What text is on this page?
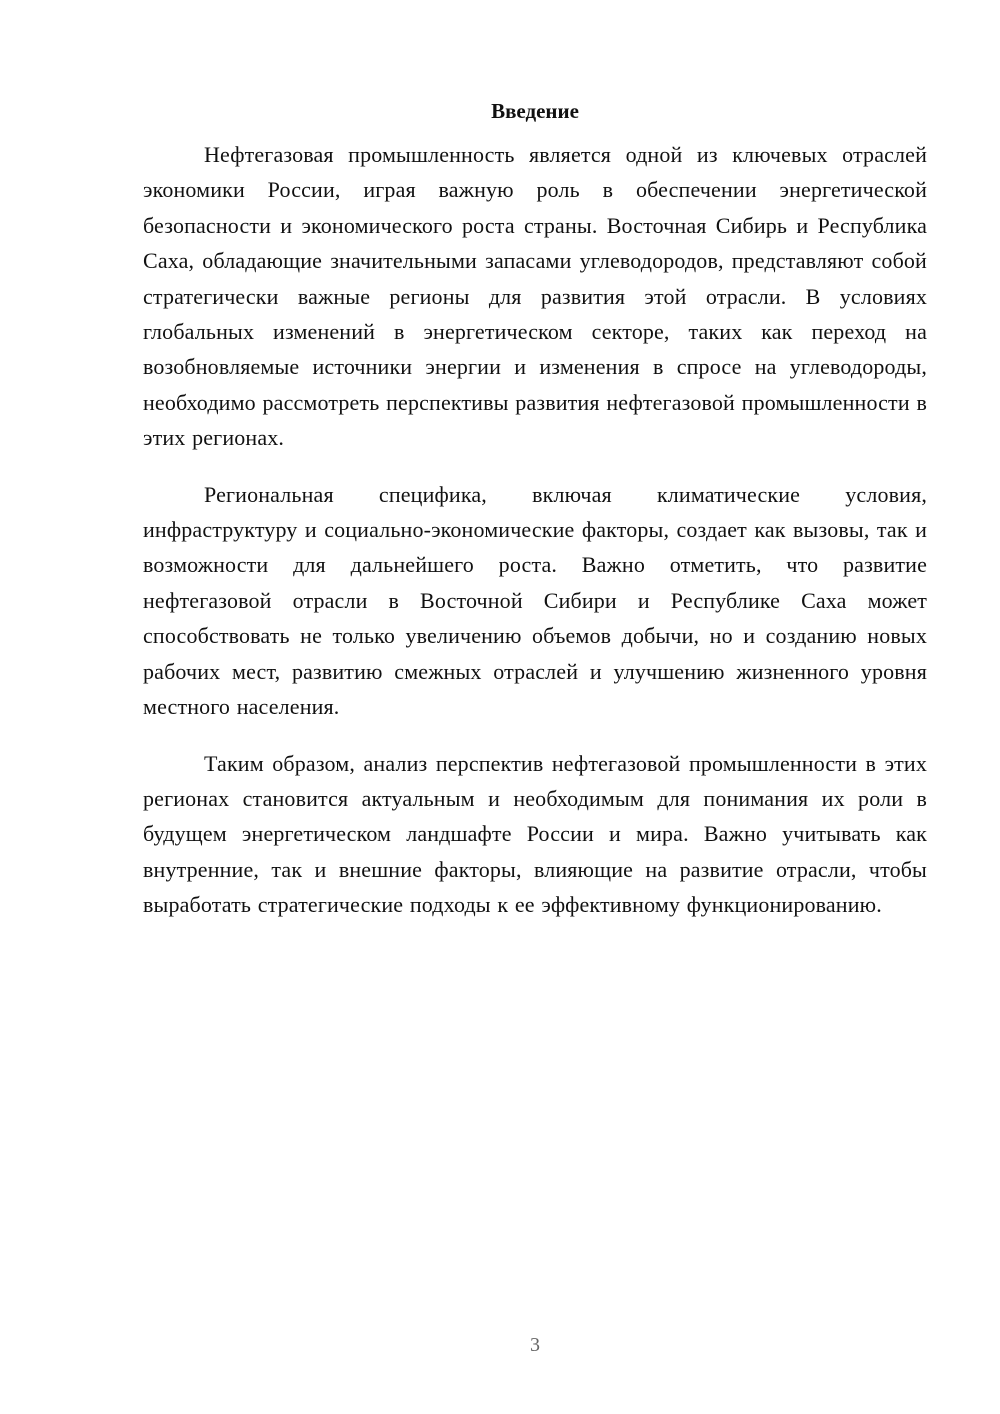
Введение

Нефтегазовая промышленность является одной из ключевых отраслей экономики России, играя важную роль в обеспечении энергетической безопасности и экономического роста страны. Восточная Сибирь и Республика Саха, обладающие значительными запасами углеводородов, представляют собой стратегически важные регионы для развития этой отрасли. В условиях глобальных изменений в энергетическом секторе, таких как переход на возобновляемые источники энергии и изменения в спросе на углеводороды, необходимо рассмотреть перспективы развития нефтегазовой промышленности в этих регионах.

Региональная специфика, включая климатические условия, инфраструктуру и социально-экономические факторы, создает как вызовы, так и возможности для дальнейшего роста. Важно отметить, что развитие нефтегазовой отрасли в Восточной Сибири и Республике Саха может способствовать не только увеличению объемов добычи, но и созданию новых рабочих мест, развитию смежных отраслей и улучшению жизненного уровня местного населения.

Таким образом, анализ перспектив нефтегазовой промышленности в этих регионах становится актуальным и необходимым для понимания их роли в будущем энергетическом ландшафте России и мира. Важно учитывать как внутренние, так и внешние факторы, влияющие на развитие отрасли, чтобы выработать стратегические подходы к ее эффективному функционированию.

3
